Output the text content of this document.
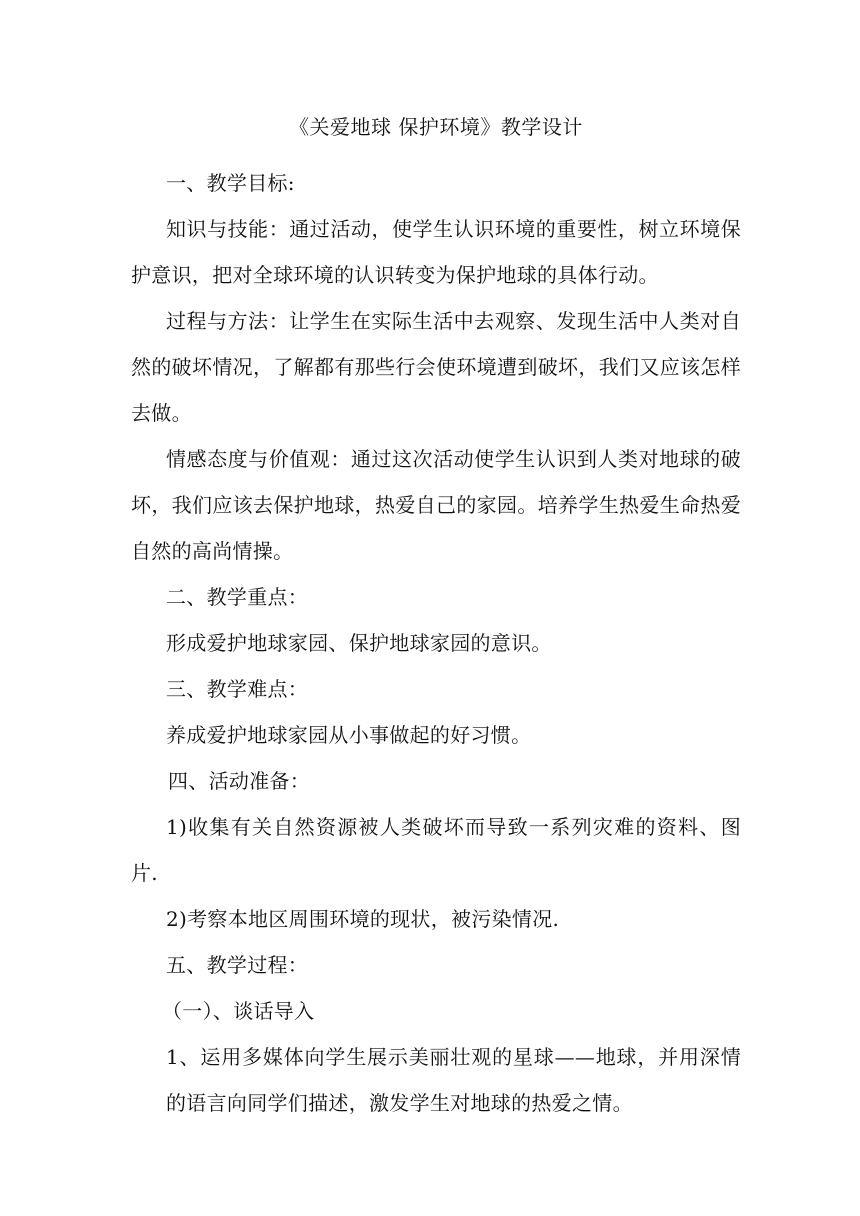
《关爱地球 保护环境》教学设计

一、教学目标:

知识与技能：通过活动，使学生认识环境的重要性，树立环境保护意识，把对全球环境的认识转变为保护地球的具体行动。

过程与方法：让学生在实际生活中去观察、发现生活中人类对自然的破坏情况，了解都有那些行会使环境遭到破坏，我们又应该怎样去做。

情感态度与价值观：通过这次活动使学生认识到人类对地球的破坏，我们应该去保护地球，热爱自己的家园。培养学生热爱生命热爱自然的高尚情操。

二、教学重点：

形成爱护地球家园、保护地球家园的意识。

三、教学难点：

养成爱护地球家园从小事做起的好习惯。

四、活动准备：

1)收集有关自然资源被人类破坏而导致一系列灾难的资料、图片.

2)考察本地区周围环境的现状，被污染情况.

五、教学过程：

（一）、谈话导入

1、运用多媒体向学生展示美丽壮观的星球——地球，并用深情的语言向同学们描述，激发学生对地球的热爱之情。
